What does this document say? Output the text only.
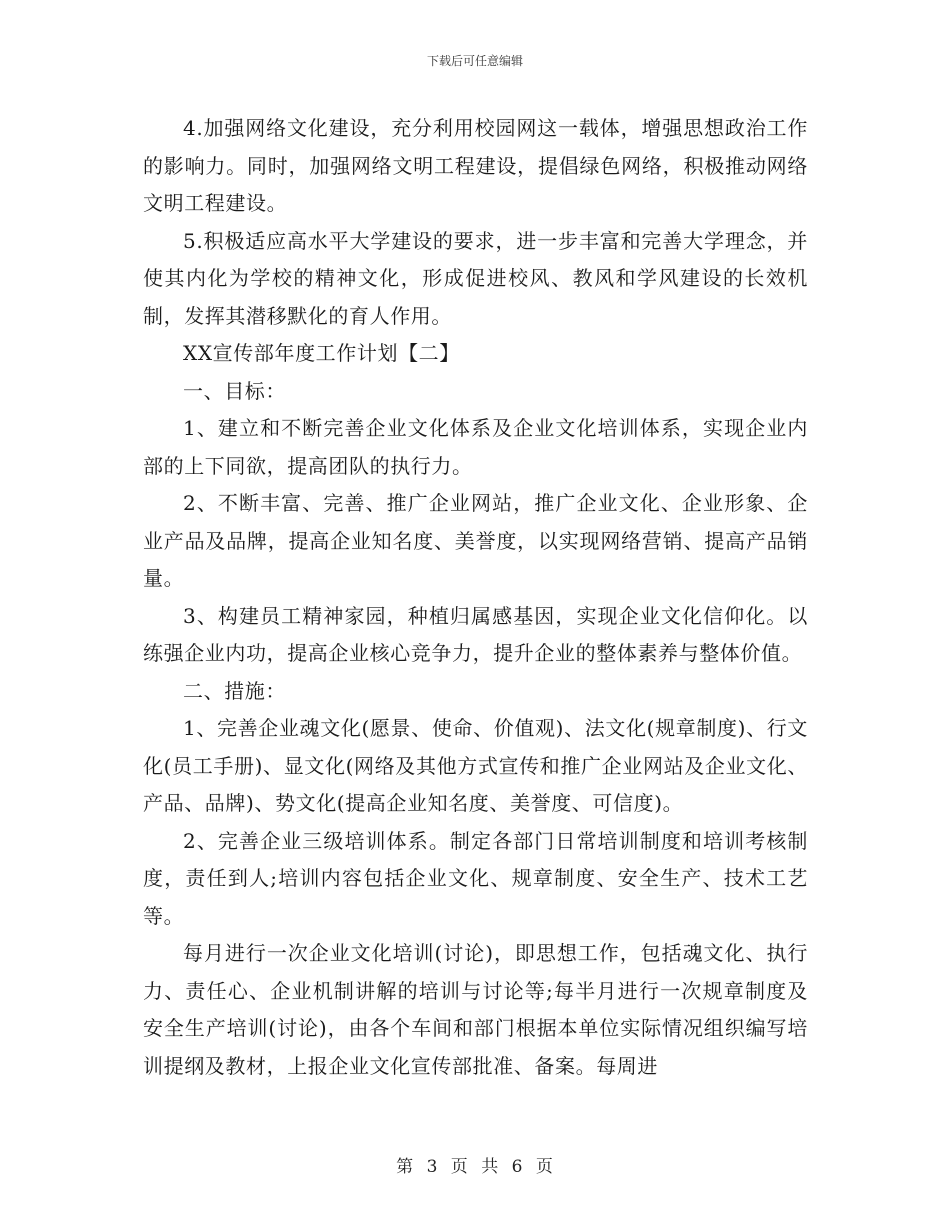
下载后可任意编辑

4.加强网络文化建设，充分利用校园网这一载体，增强思想政治工作的影响力。同时，加强网络文明工程建设，提倡绿色网络，积极推动网络文明工程建设。

5.积极适应高水平大学建设的要求，进一步丰富和完善大学理念，并使其内化为学校的精神文化，形成促进校风、教风和学风建设的长效机制，发挥其潜移默化的育人作用。

XX宣传部年度工作计划【二】

一、目标：

1、建立和不断完善企业文化体系及企业文化培训体系，实现企业内部的上下同欲，提高团队的执行力。

2、不断丰富、完善、推广企业网站，推广企业文化、企业形象、企业产品及品牌，提高企业知名度、美誉度，以实现网络营销、提高产品销量。

3、构建员工精神家园，种植归属感基因，实现企业文化信仰化。以练强企业内功，提高企业核心竞争力，提升企业的整体素养与整体价值。

二、措施：

1、完善企业魂文化(愿景、使命、价值观)、法文化(规章制度)、行文化(员工手册)、显文化(网络及其他方式宣传和推广企业网站及企业文化、产品、品牌)、势文化(提高企业知名度、美誉度、可信度)。

2、完善企业三级培训体系。制定各部门日常培训制度和培训考核制度，责任到人;培训内容包括企业文化、规章制度、安全生产、技术工艺等。

每月进行一次企业文化培训(讨论)，即思想工作，包括魂文化、执行力、责任心、企业机制讲解的培训与讨论等;每半月进行一次规章制度及安全生产培训(讨论)，由各个车间和部门根据本单位实际情况组织编写培训提纲及教材，上报企业文化宣传部批准、备案。每周进

第 3 页 共 6 页
